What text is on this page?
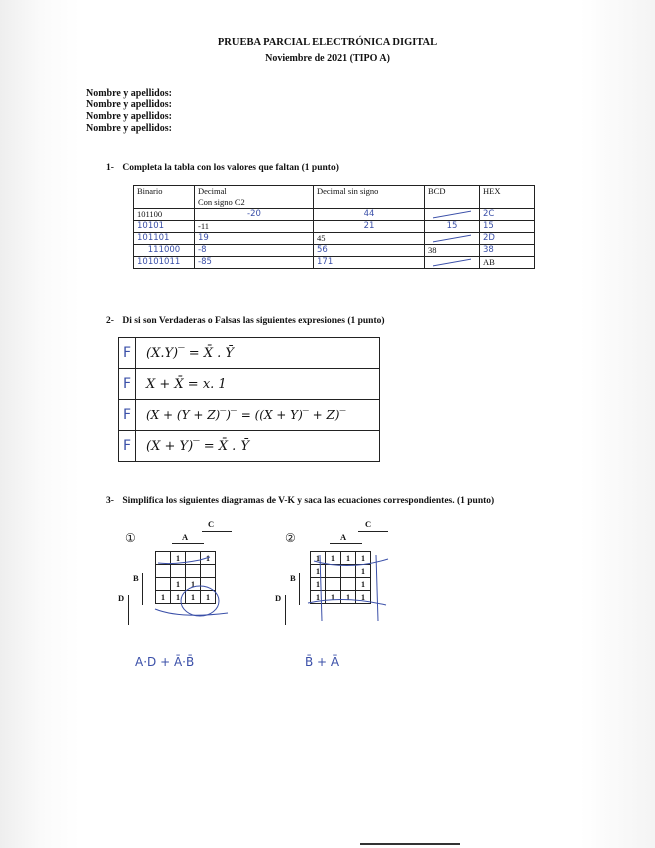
PRUEBA PARCIAL ELECTRÓNICA DIGITAL
Noviembre de 2021 (TIPO A)
Nombre y apellidos:
Nombre y apellidos:
Nombre y apellidos:
Nombre y apellidos:
1- Completa la tabla con los valores que faltan (1 punto)
Binario	Decimal
Con signo C2	Decimal sin signo	BCD	HEX
101100	-20	44		2C
10101	-11	21	15	15
101101	19	45		2D
111000	-8	56	38	38
10101011	-85	171		AB
2- Di si son Verdaderas o Falsas las siguientes expresiones (1 punto)
F	(X.Y)‾ = X̄ . Ȳ
F	X + X̄ = x. 1
F	(X + (Y + Z)‾)‾ = ((X + Y)‾ + Z)‾
F	(X + Y)‾ = X̄ . Ȳ
3- Simplifica los siguientes diagramas de V-K y saca las ecuaciones correspondientes. (1 punto)
①
C
A
B
D
	1		1

	1	1	
1	1	1	1
A·D + Ā·B̄
②
C
A
B
D
1	1	1	1
1			1
1			1
1	1	1	1
B̄ + Ā
